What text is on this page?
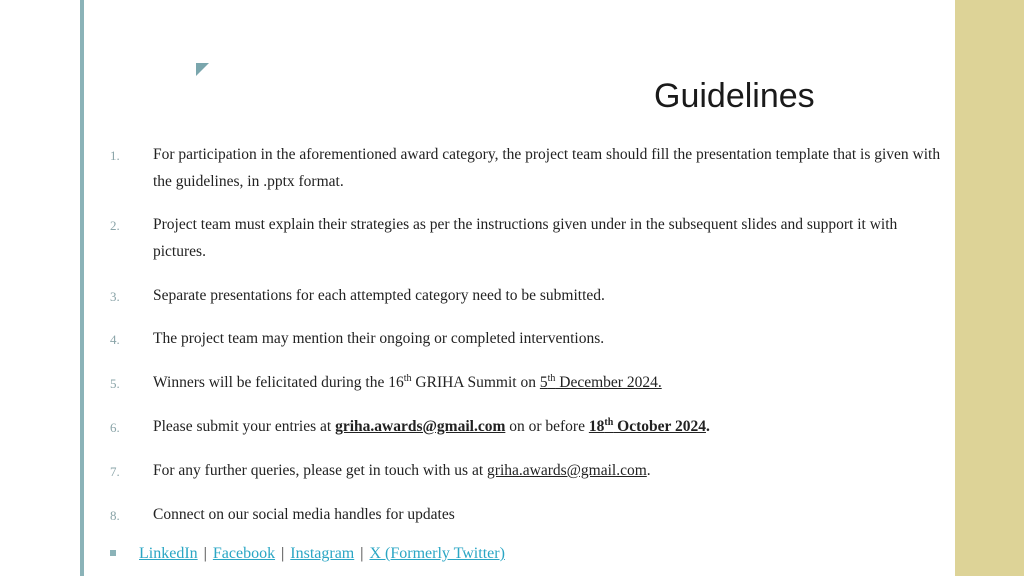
Guidelines
1. For participation in the aforementioned award category, the project team should fill the presentation template that is given with the guidelines, in .pptx format.
2. Project team must explain their strategies as per the instructions given under in the subsequent slides and support it with pictures.
3. Separate presentations for each attempted category need to be submitted.
4. The project team may mention their ongoing or completed interventions.
5. Winners will be felicitated during the 16th GRIHA Summit on 5th December 2024.
6. Please submit your entries at griha.awards@gmail.com on or before 18th October 2024.
7. For any further queries, please get in touch with us at griha.awards@gmail.com.
8. Connect on our social media handles for updates
LinkedIn | Facebook | Instagram | X (Formerly Twitter)
